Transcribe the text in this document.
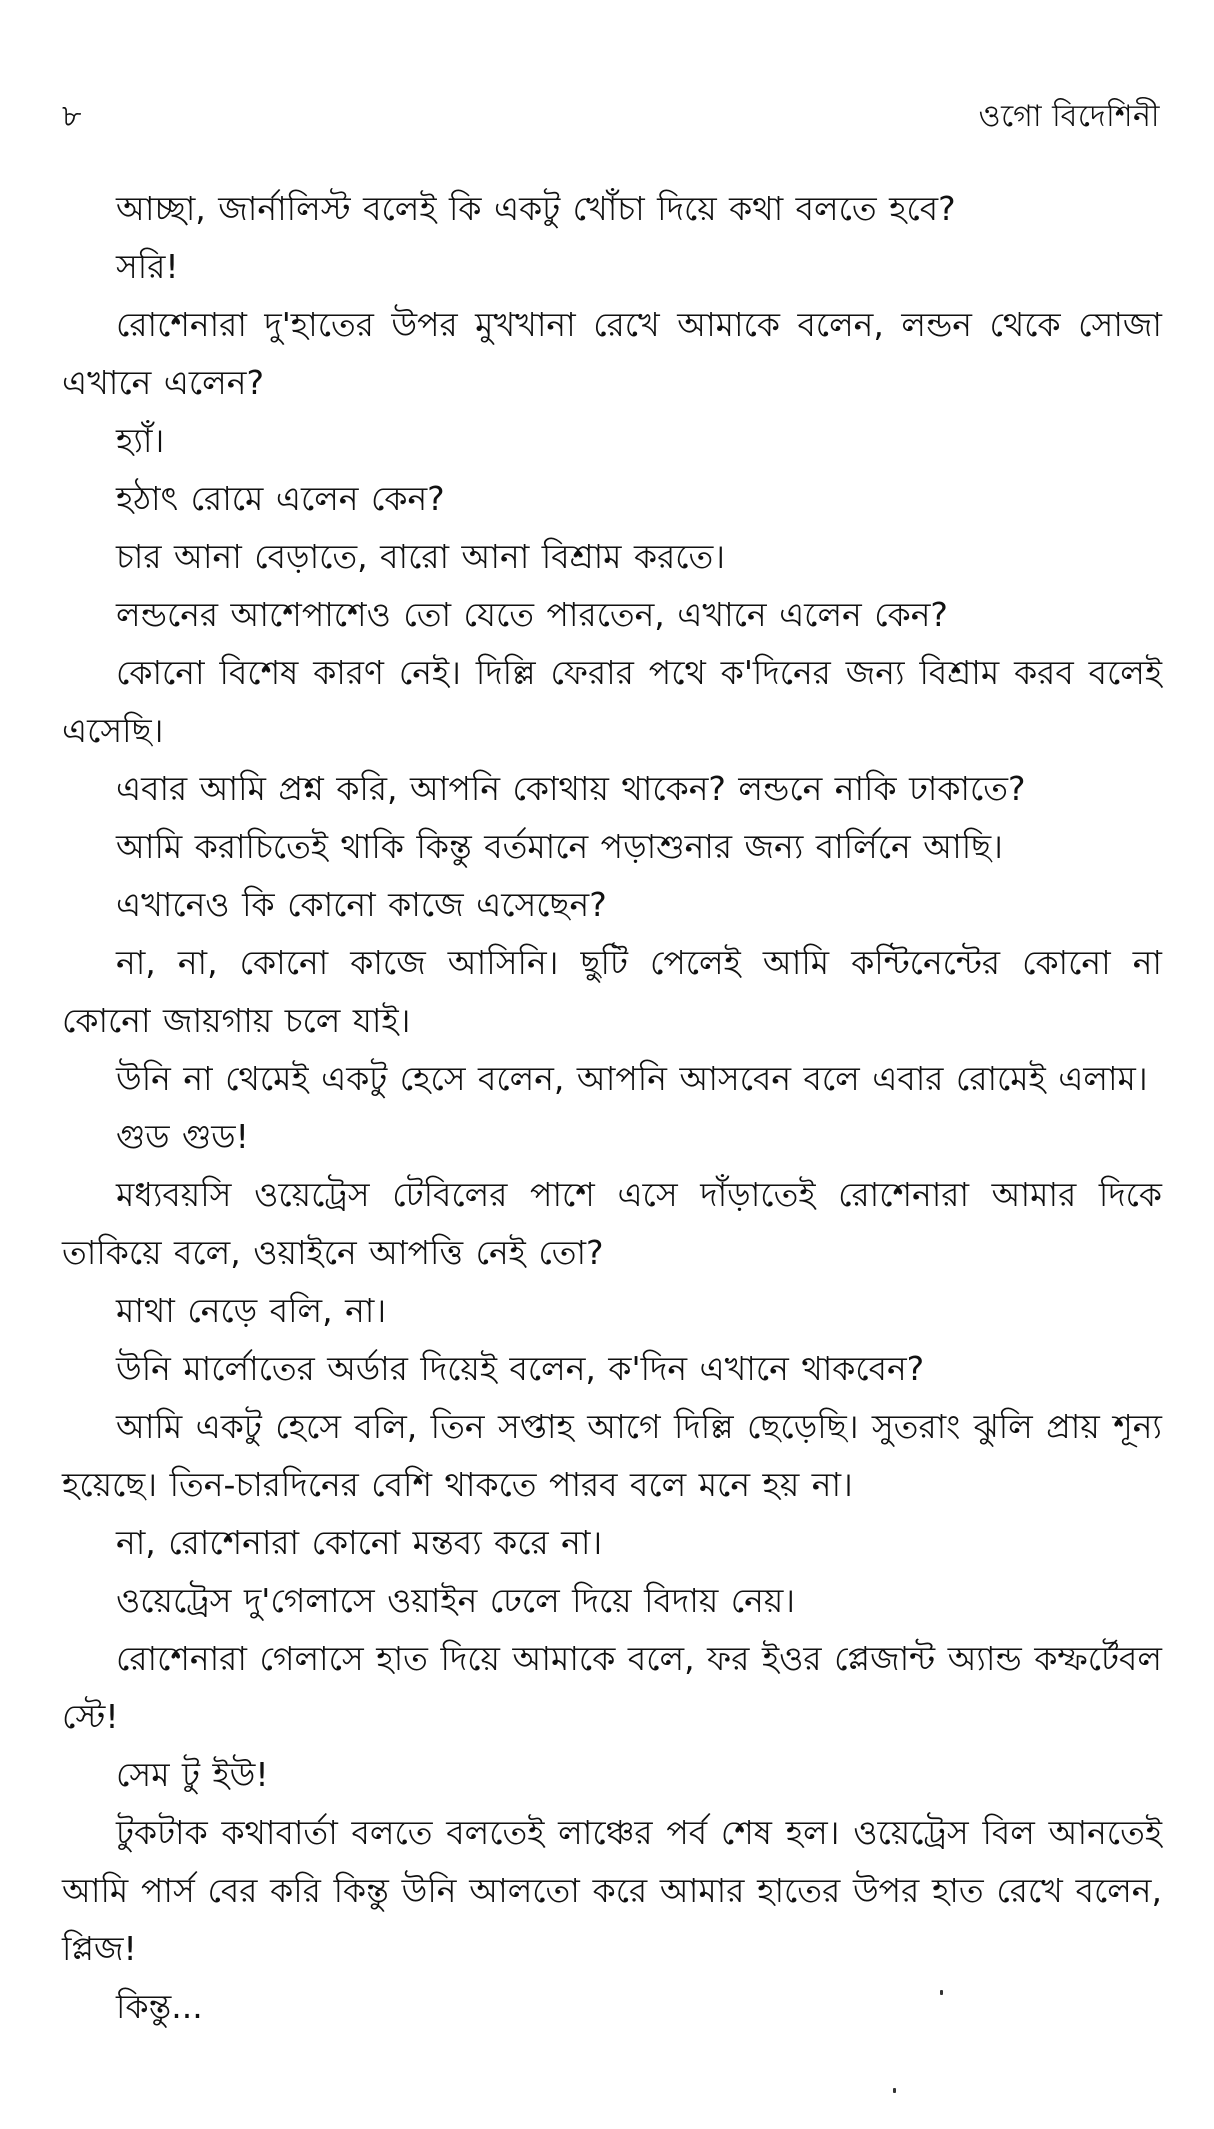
৮	ওগো বিদেশিনী

আচ্ছা, জার্নালিস্ট বলেই কি একটু খোঁচা দিয়ে কথা বলতে হবে?

সরি!

রোশেনারা দু'হাতের উপর মুখখানা রেখে আমাকে বলেন, লন্ডন থেকে সোজা এখানে এলেন?

হ্যাঁ।

হঠাৎ রোমে এলেন কেন?

চার আনা বেড়াতে, বারো আনা বিশ্রাম করতে।

লন্ডনের আশেপাশেও তো যেতে পারতেন, এখানে এলেন কেন?

কোনো বিশেষ কারণ নেই। দিল্লি ফেরার পথে ক'দিনের জন্য বিশ্রাম করব বলেই এসেছি।

এবার আমি প্রশ্ন করি, আপনি কোথায় থাকেন? লন্ডনে নাকি ঢাকাতে?

আমি করাচিতেই থাকি কিন্তু বর্তমানে পড়াশুনার জন্য বার্লিনে আছি।

এখানেও কি কোনো কাজে এসেছেন?

না, না, কোনো কাজে আসিনি। ছুটি পেলেই আমি কন্টিনেন্টের কোনো না কোনো জায়গায় চলে যাই।

উনি না থেমেই একটু হেসে বলেন, আপনি আসবেন বলে এবার রোমেই এলাম।

গুড গুড!

মধ্যবয়সি ওয়েট্রেস টেবিলের পাশে এসে দাঁড়াতেই রোশেনারা আমার দিকে তাকিয়ে বলে, ওয়াইনে আপত্তি নেই তো?

মাথা নেড়ে বলি, না।

উনি মার্লোতের অর্ডার দিয়েই বলেন, ক'দিন এখানে থাকবেন?

আমি একটু হেসে বলি, তিন সপ্তাহ আগে দিল্লি ছেড়েছি। সুতরাং ঝুলি প্রায় শূন্য হয়েছে। তিন-চারদিনের বেশি থাকতে পারব বলে মনে হয় না।

না, রোশেনারা কোনো মন্তব্য করে না।

ওয়েট্রেস দু'গেলাসে ওয়াইন ঢেলে দিয়ে বিদায় নেয়।

রোশেনারা গেলাসে হাত দিয়ে আমাকে বলে, ফর ইওর প্লেজান্ট অ্যান্ড কম্ফর্টেবল স্টে!

সেম টু ইউ!

টুকটাক কথাবার্তা বলতে বলতেই লাঞ্চের পর্ব শেষ হল। ওয়েট্রেস বিল আনতেই আমি পার্স বের করি কিন্তু উনি আলতো করে আমার হাতের উপর হাত রেখে বলেন, প্লিজ!

কিন্তু...
